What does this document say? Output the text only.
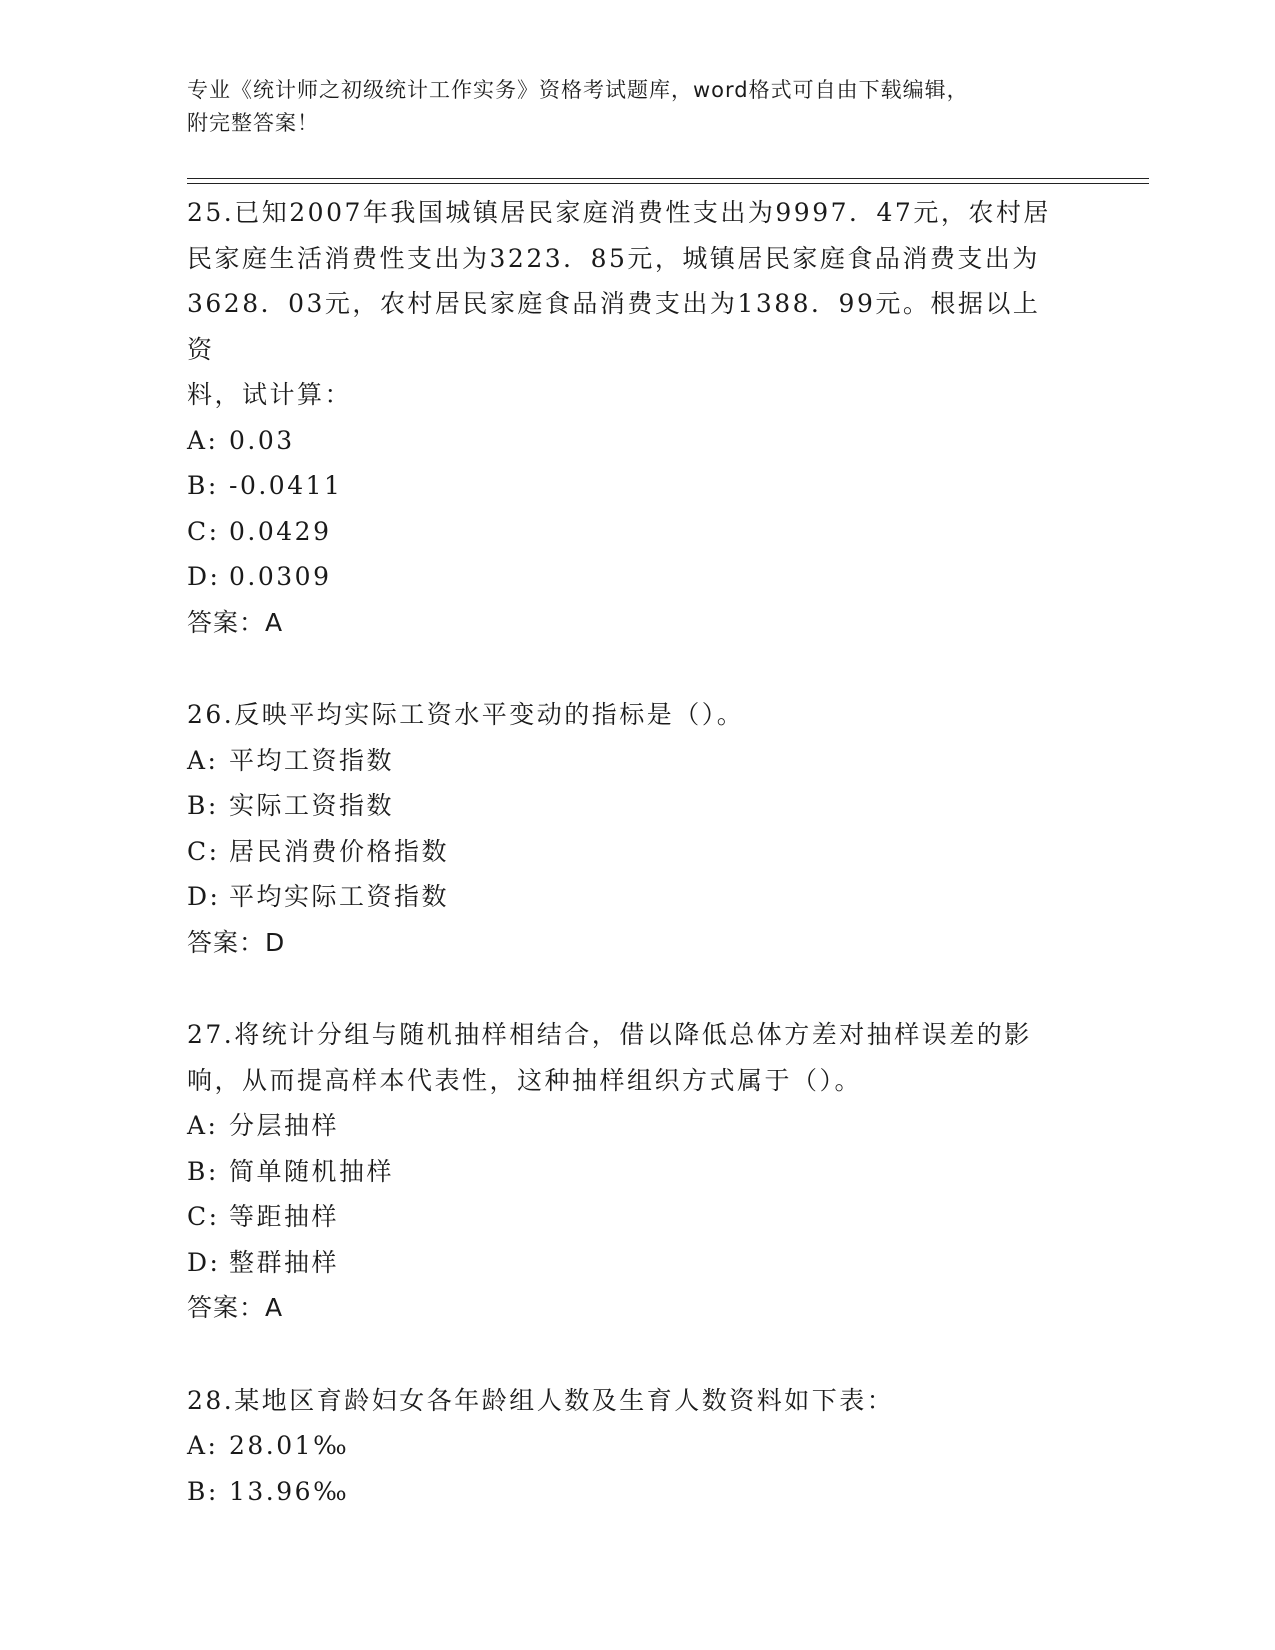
专业《统计师之初级统计工作实务》资格考试题库，word格式可自由下载编辑，
附完整答案！

25.已知2007年我国城镇居民家庭消费性支出为9997．47元，农村居

民家庭生活消费性支出为3223．85元，城镇居民家庭食品消费支出为

3628．03元，农村居民家庭食品消费支出为1388．99元。根据以上资

料，试计算：

A: 0.03

B: -0.0411

C: 0.0429

D: 0.0309

答案：A

26.反映平均实际工资水平变动的指标是（）。

A: 平均工资指数

B: 实际工资指数

C: 居民消费价格指数

D: 平均实际工资指数

答案：D

27.将统计分组与随机抽样相结合，借以降低总体方差对抽样误差的影

响，从而提高样本代表性，这种抽样组织方式属于（）。

A: 分层抽样

B: 简单随机抽样

C: 等距抽样

D: 整群抽样

答案：A

28.某地区育龄妇女各年龄组人数及生育人数资料如下表：

A: 28.01‰

B: 13.96‰
